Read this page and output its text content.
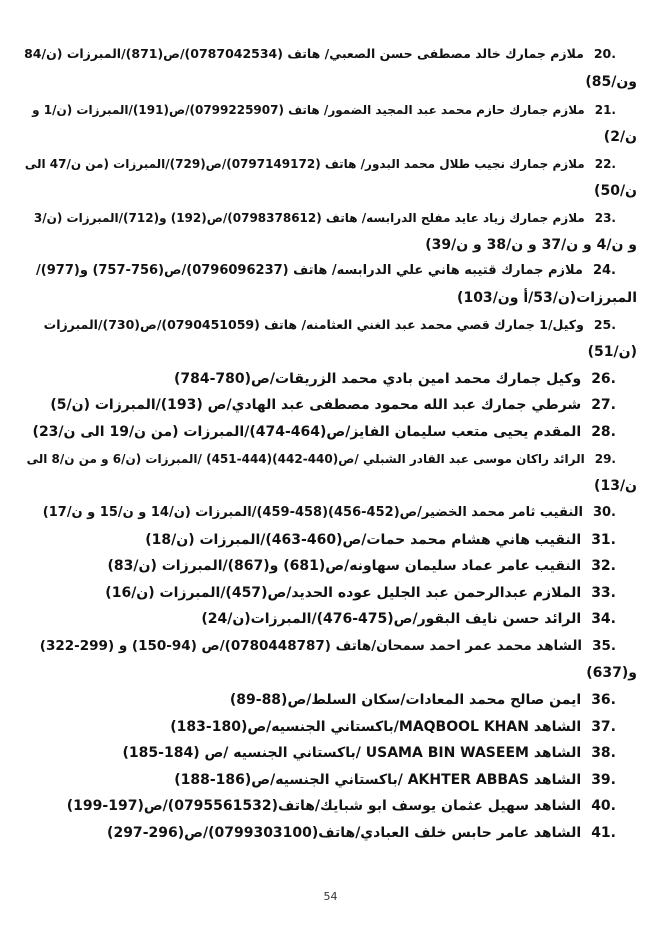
20.ملازم جمارك خالد مصطفى حسن الصعبي/ هاتف (0787042534)/ص(871)/المبرزات (ن/84
ون/85)
21.ملازم جمارك حازم محمد عبد المجيد الضمور/ هاتف (0799225907)/ص(191)/المبرزات (ن/1 و
ن/2)
22.ملازم جمارك نجيب طلال محمد البدور/ هاتف (0797149172)/ص(729)/المبرزات (من ن/47 الى
ن/50)
23.ملازم جمارك زياد عايد مفلح الدرابسه/ هاتف (0798378612)/ص(192) و(712)/المبرزات (ن/3
و ن/4 و ن/37 و ن/38 و ن/39)
24.ملازم جمارك قتيبه هاني علي الدرابسه/ هاتف (0796096237)/ص(756-757) و(977)/
المبرزات(ن/53/أ ون/103)
25.وكيل/1 جمارك قصي محمد عبد الغني العثامنه/ هاتف (0790451059)/ص(730)/المبرزات
(ن/51)
26.وكيل جمارك محمد امين بادي محمد الزريقات/ص(780-784)
27.شرطي جمارك عبد الله محمود مصطفى عبد الهادي/ص (193)/المبرزات (ن/5)
28.المقدم يحيى متعب سليمان الفايز/ص(464-474)/المبرزات (من ن/19 الى ن/23)
29.الرائد راكان موسى عبد القادر الشبلي /ص(440-442)(444-451) /المبرزات (ن/6 و من ن/8 الى
ن/13)
30.النقيب ثامر محمد الخضير/ص(452-456)(458-459)/المبرزات (ن/14 و ن/15 و ن/17)
31.النقيب هاني هشام محمد حمات/ص(460-463)/المبرزات (ن/18)
32.النقيب عامر عماد سليمان سهاونه/ص(681) و(867)/المبرزات (ن/83)
33.الملازم عبدالرحمن عبد الجليل عوده الحديد/ص(457)/المبرزات (ن/16)
34.الرائد حسن نايف البقور/ص(475-476)/المبرزات(ن/24)
35.الشاهد محمد عمر احمد سمحان/هاتف (0780448787)/ص (94-150) و (299-322)
و(637)
36.ايمن صالح محمد المعادات/سكان السلط/ص(88-89)
37.الشاهد MAQBOOL KHAN/باكستاني الجنسيه/ص(180-183)
38.الشاهد USAMA BIN WASEEM /باكستاني الجنسيه /ص (184-185)
39.الشاهد AKHTER ABBAS /باكستاني الجنسيه/ص(186-188)
40.الشاهد سهيل عثمان يوسف ابو شبايك/هاتف(0795561532)/ص(197-199)
41.الشاهد عامر حابس خلف العبادي/هاتف(0799303100)/ص(296-297)
54
